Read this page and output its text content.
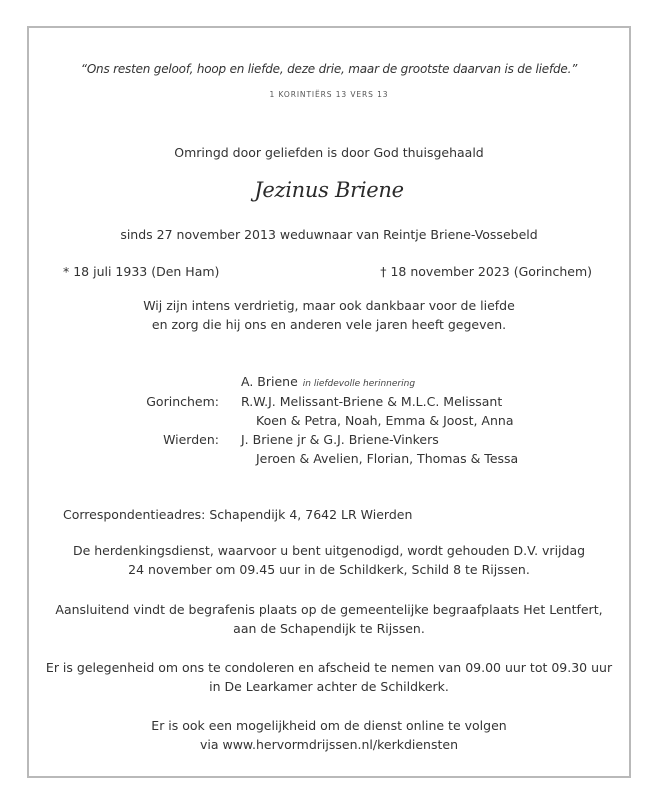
“Ons resten geloof, hoop en liefde, deze drie, maar de grootste daarvan is de liefde.”
1 KORINTIËRS 13 VERS 13
Omringd door geliefden is door God thuisgehaald
Jezinus Briene
sinds 27 november 2013 weduwnaar van Reintje Briene-Vossebeld
* 18 juli 1933 (Den Ham)	† 18 november 2023 (Gorinchem)
Wij zijn intens verdrietig, maar ook dankbaar voor de liefde
en zorg die hij ons en anderen vele jaren heeft gegeven.
A. Briene in liefdevolle herinnering
Gorinchem: R.W.J. Melissant-Briene & M.L.C. Melissant
Koen & Petra, Noah, Emma & Joost, Anna
Wierden: J. Briene jr & G.J. Briene-Vinkers
Jeroen & Avelien, Florian, Thomas & Tessa
Correspondentieadres: Schapendijk 4, 7642 LR Wierden
De herdenkingsdienst, waarvoor u bent uitgenodigd, wordt gehouden D.V. vrijdag
24 november om 09.45 uur in de Schildkerk, Schild 8 te Rijssen.
Aansluitend vindt de begrafenis plaats op de gemeentelijke begraafplaats Het Lentfert,
aan de Schapendijk te Rijssen.
Er is gelegenheid om ons te condoleren en afscheid te nemen van 09.00 uur tot 09.30 uur
in De Learkamer achter de Schildkerk.
Er is ook een mogelijkheid om de dienst online te volgen
via www.hervormdrijssen.nl/kerkdiensten
